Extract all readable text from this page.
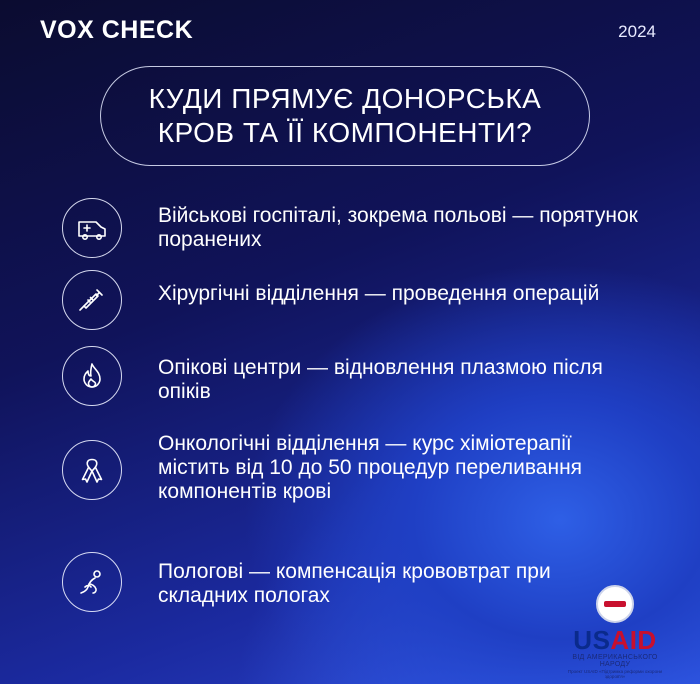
VOX CHECK	2024
КУДИ ПРЯМУЄ ДОНОРСЬКА КРОВ ТА ЇЇ КОМПОНЕНТИ?
Військові госпіталі, зокрема польові — порятунок поранених
Хірургічні відділення — проведення операцій
Опікові центри — відновлення плазмою після опіків
Онкологічні відділення — курс хіміотерапії містить від 10 до 50 процедур переливання компонентів крові
Пологові — компенсація крововтрат при складних пологах
USAID
ВІД АМЕРИКАНСЬКОГО НАРОДУ
Проект USAID «Підтримка реформи охорони здоров'я»
